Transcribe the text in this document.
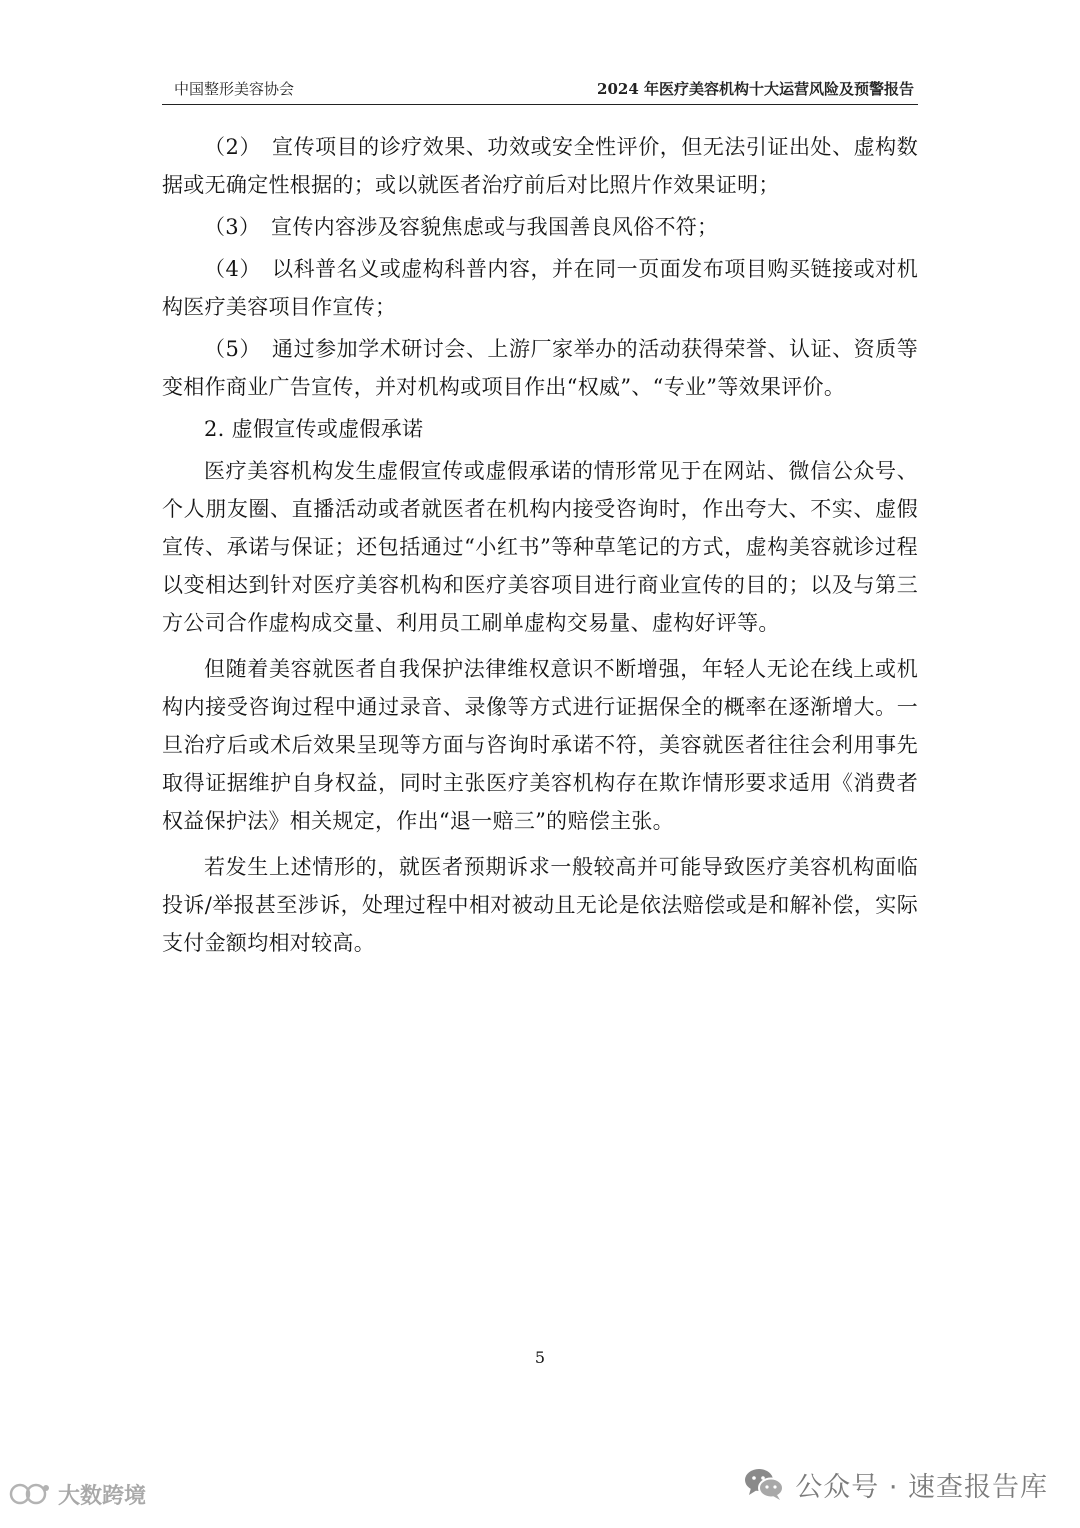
中国整形美容协会	2024 年医疗美容机构十大运营风险及预警报告

（2）　宣传项目的诊疗效果、功效或安全性评价，但无法引证出处、虚构数据或无确定性根据的；或以就医者治疗前后对比照片作效果证明；

（3）　宣传内容涉及容貌焦虑或与我国善良风俗不符；

（4）　以科普名义或虚构科普内容，并在同一页面发布项目购买链接或对机构医疗美容项目作宣传；

（5）　通过参加学术研讨会、上游厂家举办的活动获得荣誉、认证、资质等变相作商业广告宣传，并对机构或项目作出“权威”、“专业”等效果评价。

2. 虚假宣传或虚假承诺

医疗美容机构发生虚假宣传或虚假承诺的情形常见于在网站、微信公众号、个人朋友圈、直播活动或者就医者在机构内接受咨询时，作出夸大、不实、虚假宣传、承诺与保证；还包括通过“小红书”等种草笔记的方式，虚构美容就诊过程以变相达到针对医疗美容机构和医疗美容项目进行商业宣传的目的；以及与第三方公司合作虚构成交量、利用员工刷单虚构交易量、虚构好评等。

但随着美容就医者自我保护法律维权意识不断增强，年轻人无论在线上或机构内接受咨询过程中通过录音、录像等方式进行证据保全的概率在逐渐增大。一旦治疗后或术后效果呈现等方面与咨询时承诺不符，美容就医者往往会利用事先取得证据维护自身权益，同时主张医疗美容机构存在欺诈情形要求适用《消费者权益保护法》相关规定，作出“退一赔三”的赔偿主张。

若发生上述情形的，就医者预期诉求一般较高并可能导致医疗美容机构面临投诉/举报甚至涉诉，处理过程中相对被动且无论是依法赔偿或是和解补偿，实际支付金额均相对较高。

5
大数跨境	公众号 · 速查报告库
